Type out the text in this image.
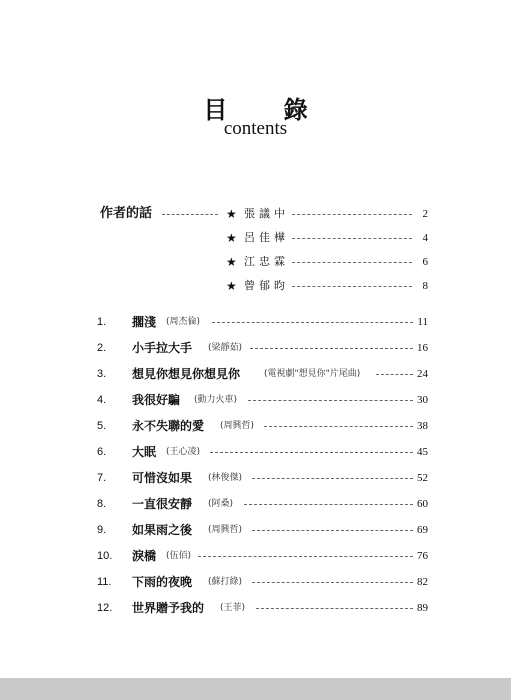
目 錄
contents
作者的話	★ 張議中	2
★ 呂佳樺	4
★ 江忠霖	6
★ 曾郁昀	8
1. 擱淺 (周杰倫)	11
2. 小手拉大手 (梁靜茹)	16
3. 想見你想見你想見你	(電視劇"想見你"片尾曲)	24
4. 我很好騙 (動力火車)	30
5. 永不失聯的愛 (周興哲)	38
6. 大眠 (王心凌)	45
7. 可惜沒如果 (林俊傑)	52
8. 一直很安靜 (阿桑)	60
9. 如果雨之後 (周興哲)	69
10. 淚橋 (伍佰)	76
11. 下雨的夜晚 (蘇打綠)	82
12. 世界贈予我的 (王菲)	89
